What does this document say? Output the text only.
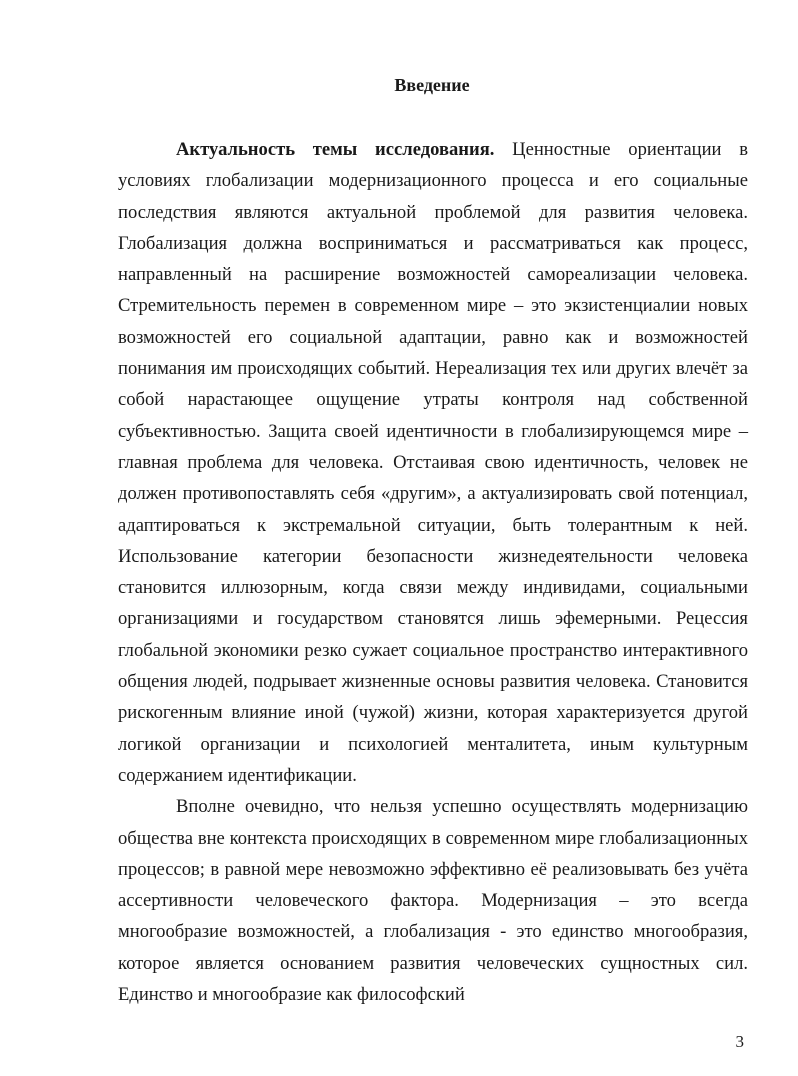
Введение

Актуальность темы исследования. Ценностные ориентации в условиях глобализации модернизационного процесса и его социальные последствия являются актуальной проблемой для развития человека. Глобализация должна восприниматься и рассматриваться как процесс, направленный на расширение возможностей самореализации человека. Стремительность перемен в современном мире – это экзистенциалии новых возможностей его социальной адаптации, равно как и возможностей понимания им происходящих событий. Нереализация тех или других влечёт за собой нарастающее ощущение утраты контроля над собственной субъективностью. Защита своей идентичности в глобализирующемся мире – главная проблема для человека. Отстаивая свою идентичность, человек не должен противопоставлять себя «другим», а актуализировать свой потенциал, адаптироваться к экстремальной ситуации, быть толерантным к ней. Использование категории безопасности жизнедеятельности человека становится иллюзорным, когда связи между индивидами, социальными организациями и государством становятся лишь эфемерными. Рецессия глобальной экономики резко сужает социальное пространство интерактивного общения людей, подрывает жизненные основы развития человека. Становится рискогенным влияние иной (чужой) жизни, которая характеризуется другой логикой организации и психологией менталитета, иным культурным содержанием идентификации.

Вполне очевидно, что нельзя успешно осуществлять модернизацию общества вне контекста происходящих в современном мире глобализационных процессов; в равной мере невозможно эффективно её реализовывать без учёта ассертивности человеческого фактора. Модернизация – это всегда многообразие возможностей, а глобализация - это единство многообразия, которое является основанием развития человеческих сущностных сил. Единство и многообразие как философский

3
